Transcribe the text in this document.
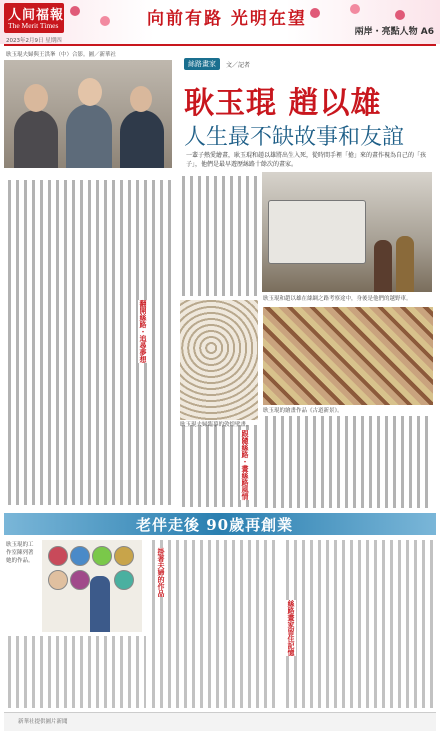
人间福報
The Merit Times
2023年2月9日 星期四
向前有路 光明在望
兩岸・亮點人物 A6
耿玉琨夫婦與王洪峯（中）合影。圖／新華社
絲路畫家	文／記者
耿玉琨 趙以雄
人生最不缺故事和友誼
一輩子熱愛繪畫，耿玉琨和趙以雄將出生入死，從時間手裡「搶」來的畫作視為自己的「孩子」，他們是最早遊歷絲路十餘次的畫家。
翻開絲路・追尋夢想
跟隨絲路・畫絲路風情
耿玉琨和趙以雄在絲綢之路考察途中，身後是他們的越野車。
耿玉琨夫婦臨摹的敦煌壁畫。
耿玉琨的繪畫作品《古道新景》。
老伴走後 90歲再創業
耿玉琨的工作室陳列著她的作品。	掛著夫婦的作品
絲路畫家留住記憶
新華社提供圖片新聞
